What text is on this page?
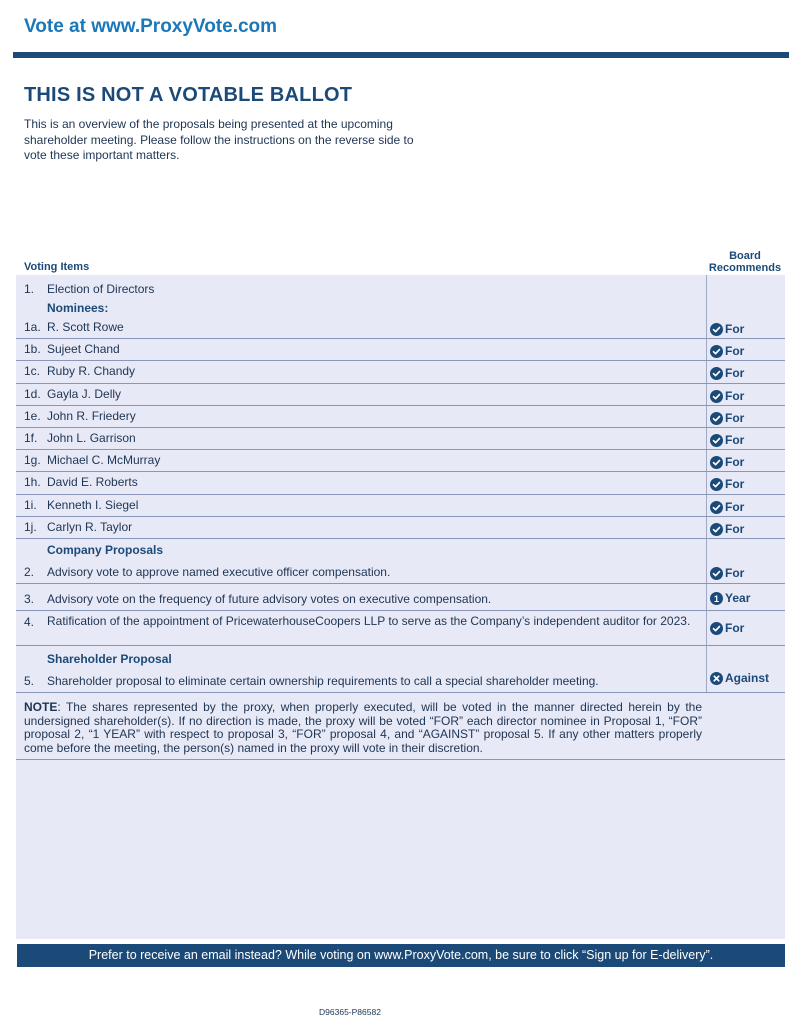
Vote at www.ProxyVote.com
THIS IS NOT A VOTABLE BALLOT
This is an overview of the proposals being presented at the upcoming shareholder meeting. Please follow the instructions on the reverse side to vote these important matters.
Voting Items
Board
Recommends
1. Election of Directors
Nominees:
1a. R. Scott Rowe	For
1b. Sujeet Chand	For
1c. Ruby R. Chandy	For
1d. Gayla J. Delly	For
1e. John R. Friedery	For
1f. John L. Garrison	For
1g. Michael C. McMurray	For
1h. David E. Roberts	For
1i. Kenneth I. Siegel	For
1j. Carlyn R. Taylor	For
Company Proposals
2. Advisory vote to approve named executive officer compensation.	For
3. Advisory vote on the frequency of future advisory votes on executive compensation.	1 Year
4. Ratification of the appointment of PricewaterhouseCoopers LLP to serve as the Company’s independent auditor for 2023.	For
Shareholder Proposal
5. Shareholder proposal to eliminate certain ownership requirements to call a special shareholder meeting.	Against
NOTE: The shares represented by the proxy, when properly executed, will be voted in the manner directed herein by the undersigned shareholder(s). If no direction is made, the proxy will be voted “FOR” each director nominee in Proposal 1, “FOR” proposal 2, “1 YEAR” with respect to proposal 3, “FOR” proposal 4, and “AGAINST” proposal 5. If any other matters properly come before the meeting, the person(s) named in the proxy will vote in their discretion.
Prefer to receive an email instead? While voting on www.ProxyVote.com, be sure to click “Sign up for E-delivery”.
D96365-P86582
